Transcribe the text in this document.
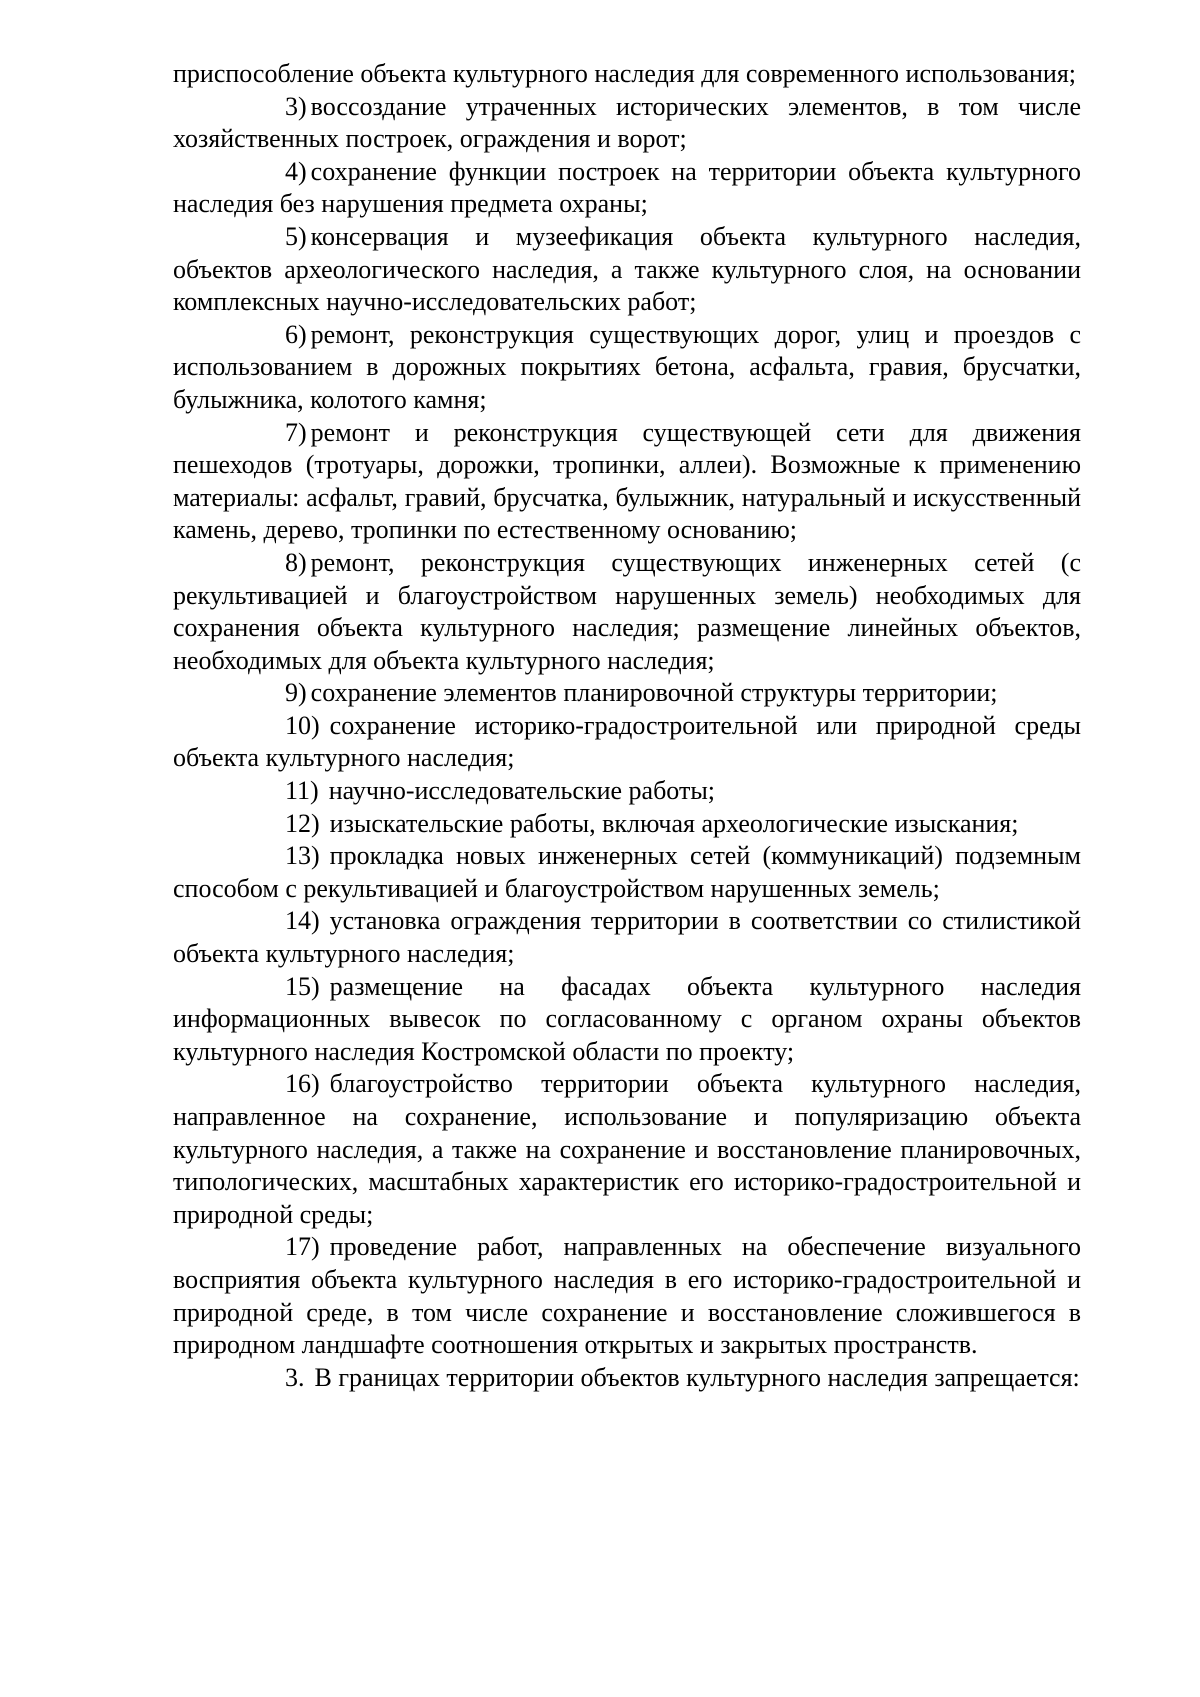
приспособление объекта культурного наследия для современного использования;

3) воссоздание утраченных исторических элементов, в том числе хозяйственных построек, ограждения и ворот;

4) сохранение функции построек на территории объекта культурного наследия без нарушения предмета охраны;

5) консервация и музеефикация объекта культурного наследия, объектов археологического наследия, а также культурного слоя, на основании комплексных научно-исследовательских работ;

6) ремонт, реконструкция существующих дорог, улиц и проездов с использованием в дорожных покрытиях бетона, асфальта, гравия, брусчатки, булыжника, колотого камня;

7) ремонт и реконструкция существующей сети для движения пешеходов (тротуары, дорожки, тропинки, аллеи). Возможные к применению материалы: асфальт, гравий, брусчатка, булыжник, натуральный и искусственный камень, дерево, тропинки по естественному основанию;

8) ремонт, реконструкция существующих инженерных сетей (с рекультивацией и благоустройством нарушенных земель) необходимых для сохранения объекта культурного наследия; размещение линейных объектов, необходимых для объекта культурного наследия;

9) сохранение элементов планировочной структуры территории;

10) сохранение историко-градостроительной или природной среды объекта культурного наследия;

11) научно-исследовательские работы;

12) изыскательские работы, включая археологические изыскания;

13) прокладка новых инженерных сетей (коммуникаций) подземным способом с рекультивацией и благоустройством нарушенных земель;

14) установка ограждения территории в соответствии со стилистикой объекта культурного наследия;

15) размещение на фасадах объекта культурного наследия информационных вывесок по согласованному с органом охраны объектов культурного наследия Костромской области по проекту;

16) благоустройство территории объекта культурного наследия, направленное на сохранение, использование и популяризацию объекта культурного наследия, а также на сохранение и восстановление планировочных, типологических, масштабных характеристик его историко-градостроительной и природной среды;

17) проведение работ, направленных на обеспечение визуального восприятия объекта культурного наследия в его историко-градостроительной и природной среде, в том числе сохранение и восстановление сложившегося в природном ландшафте соотношения открытых и закрытых пространств.

3. В границах территории объектов культурного наследия запрещается:
